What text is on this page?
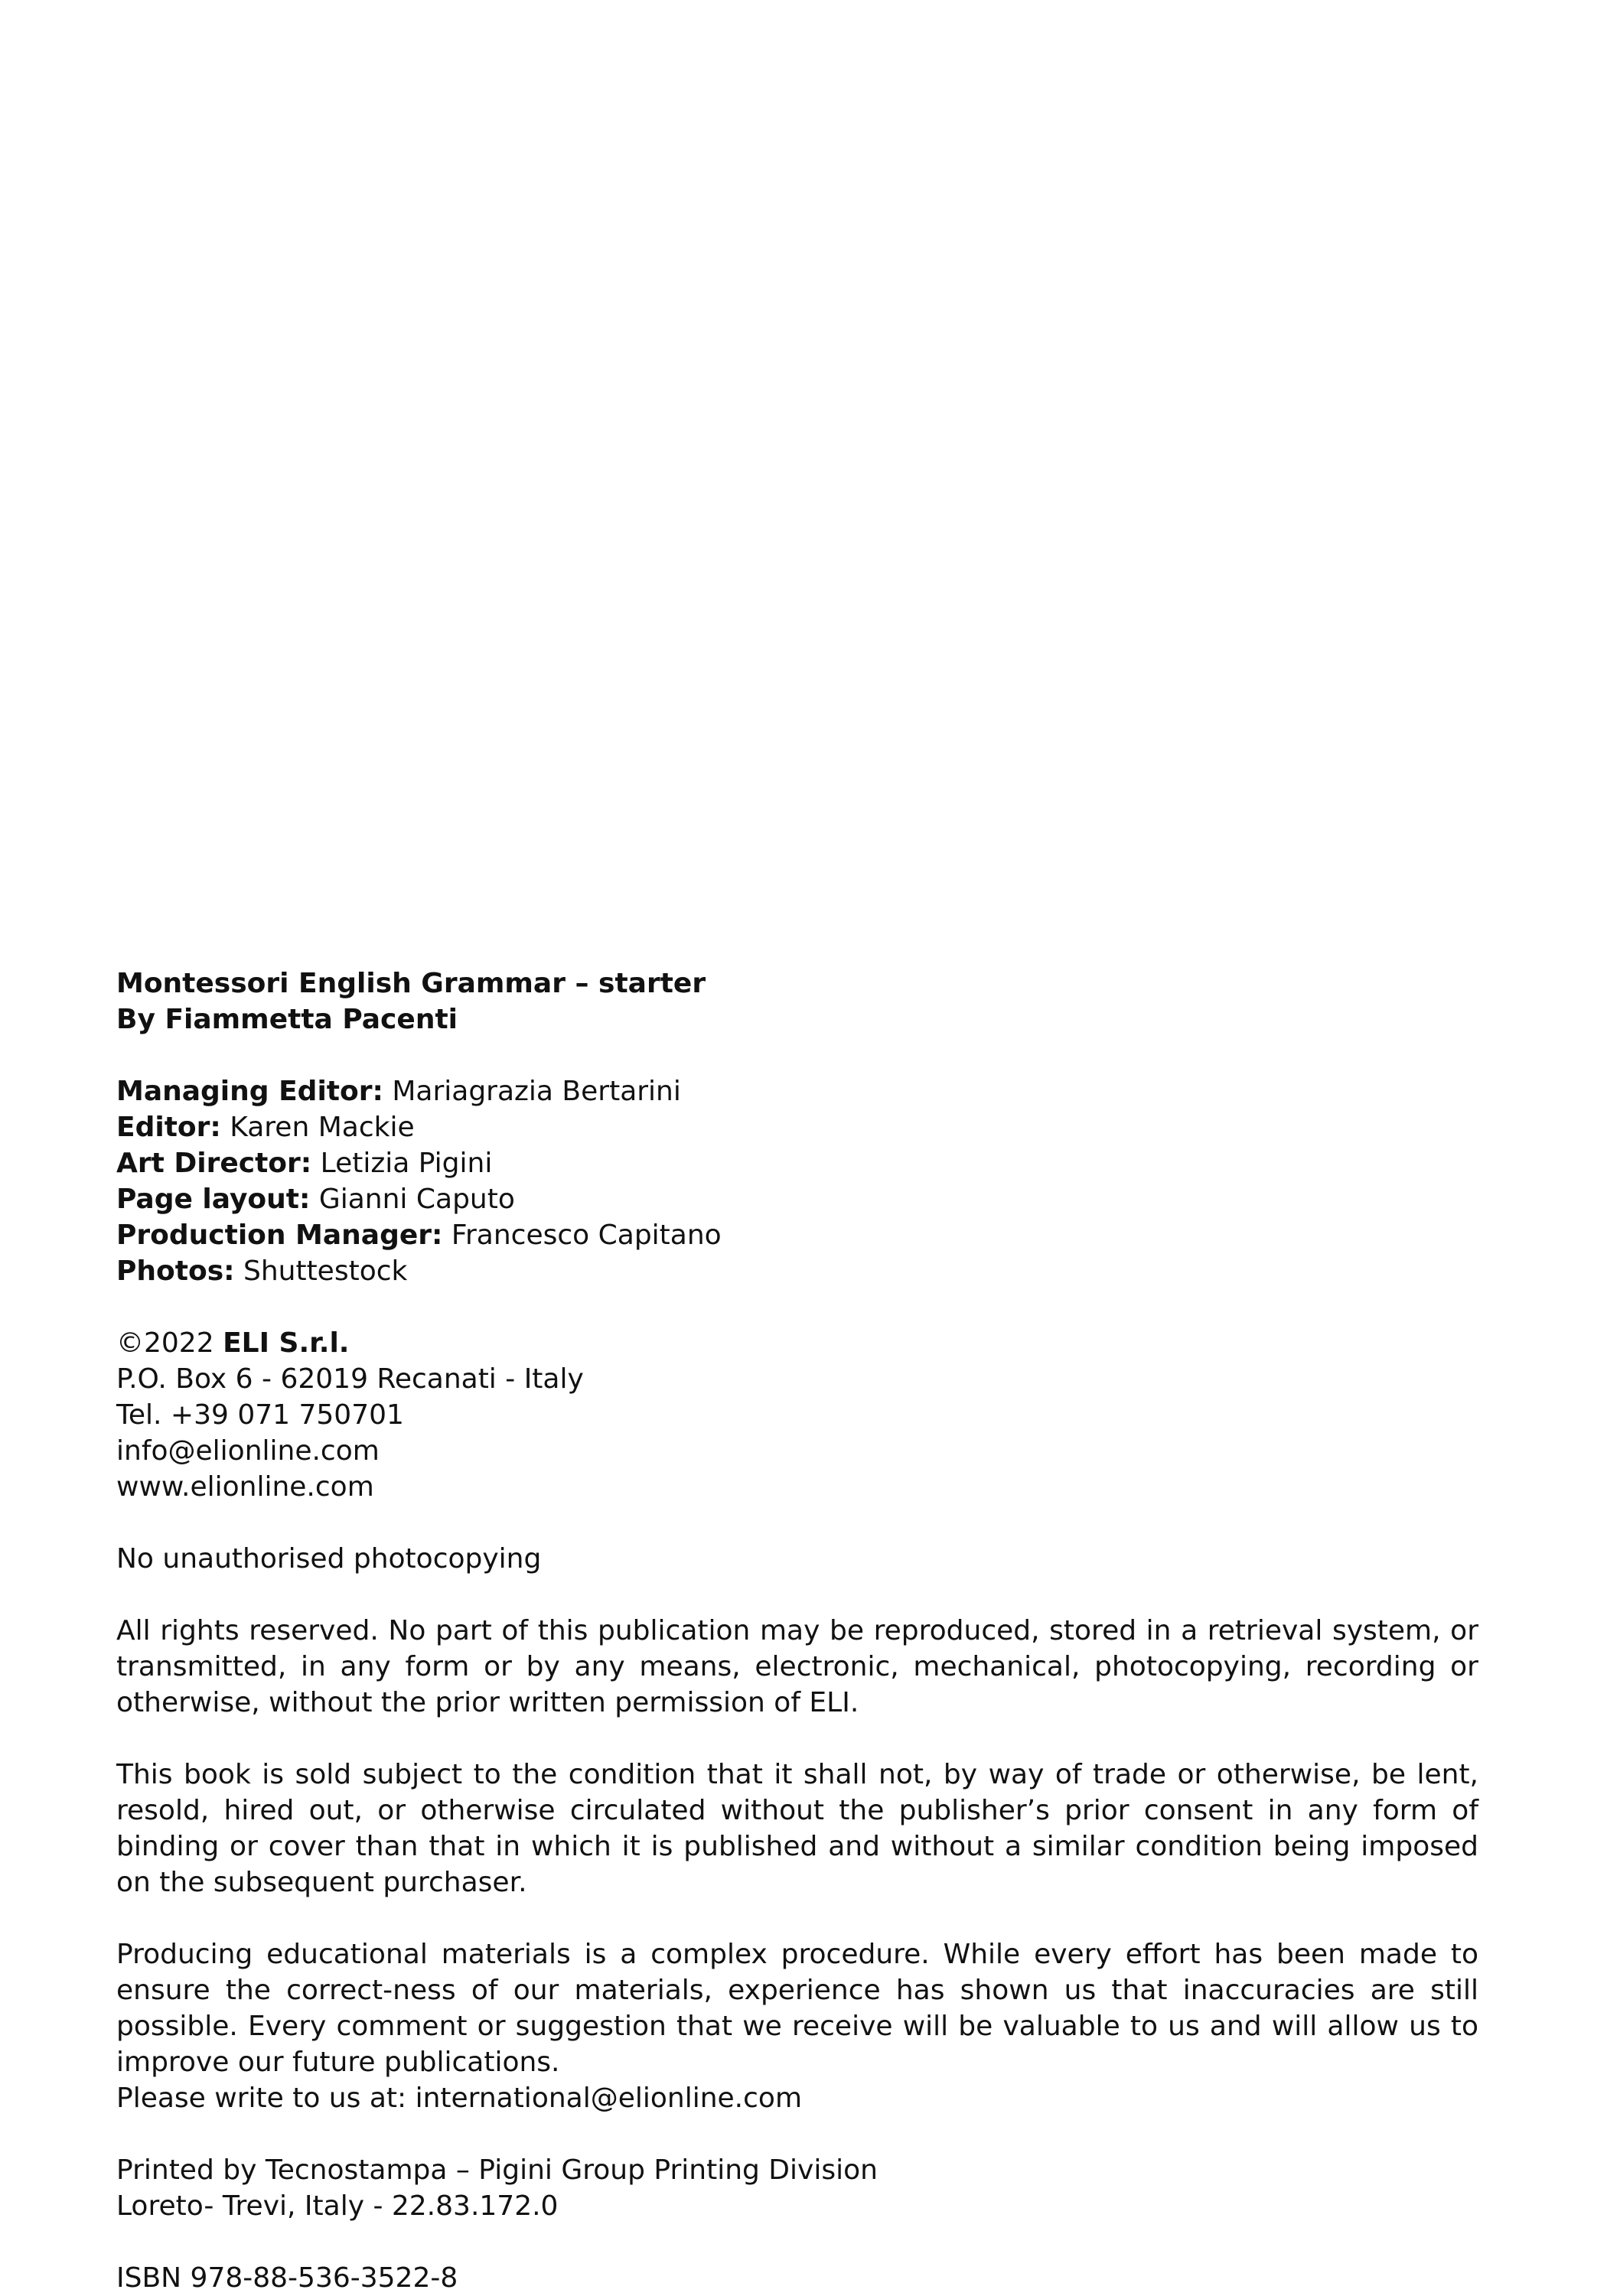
Montessori English Grammar – starter
By Fiammetta Pacenti
Managing Editor: Mariagrazia Bertarini
Editor: Karen Mackie
Art Director: Letizia Pigini
Page layout: Gianni Caputo
Production Manager: Francesco Capitano
Photos: Shuttestock
©2022 ELI S.r.l.
P.O. Box 6 - 62019 Recanati - Italy
Tel. +39 071 750701
info@elionline.com
www.elionline.com

No unauthorised photocopying

All rights reserved. No part of this publication may be reproduced, stored in a retrieval system, or transmitted, in any form or by any means, electronic, mechanical, photocopying, recording or otherwise, without the prior written permission of ELI.

This book is sold subject to the condition that it shall not, by way of trade or otherwise, be lent, resold, hired out, or otherwise circulated without the publisher’s prior consent in any form of binding or cover than that in which it is published and without a similar condition being imposed on the subsequent purchaser.

Producing educational materials is a complex procedure. While every effort has been made to ensure the correct-ness of our materials, experience has shown us that inaccuracies are still possible. Every comment or suggestion that we receive will be valuable to us and will allow us to improve our future publications.

Please write to us at: international@elionline.com
Printed by Tecnostampa – Pigini Group Printing Division
Loreto- Trevi, Italy - 22.83.172.0
ISBN 978-88-536-3522-8
